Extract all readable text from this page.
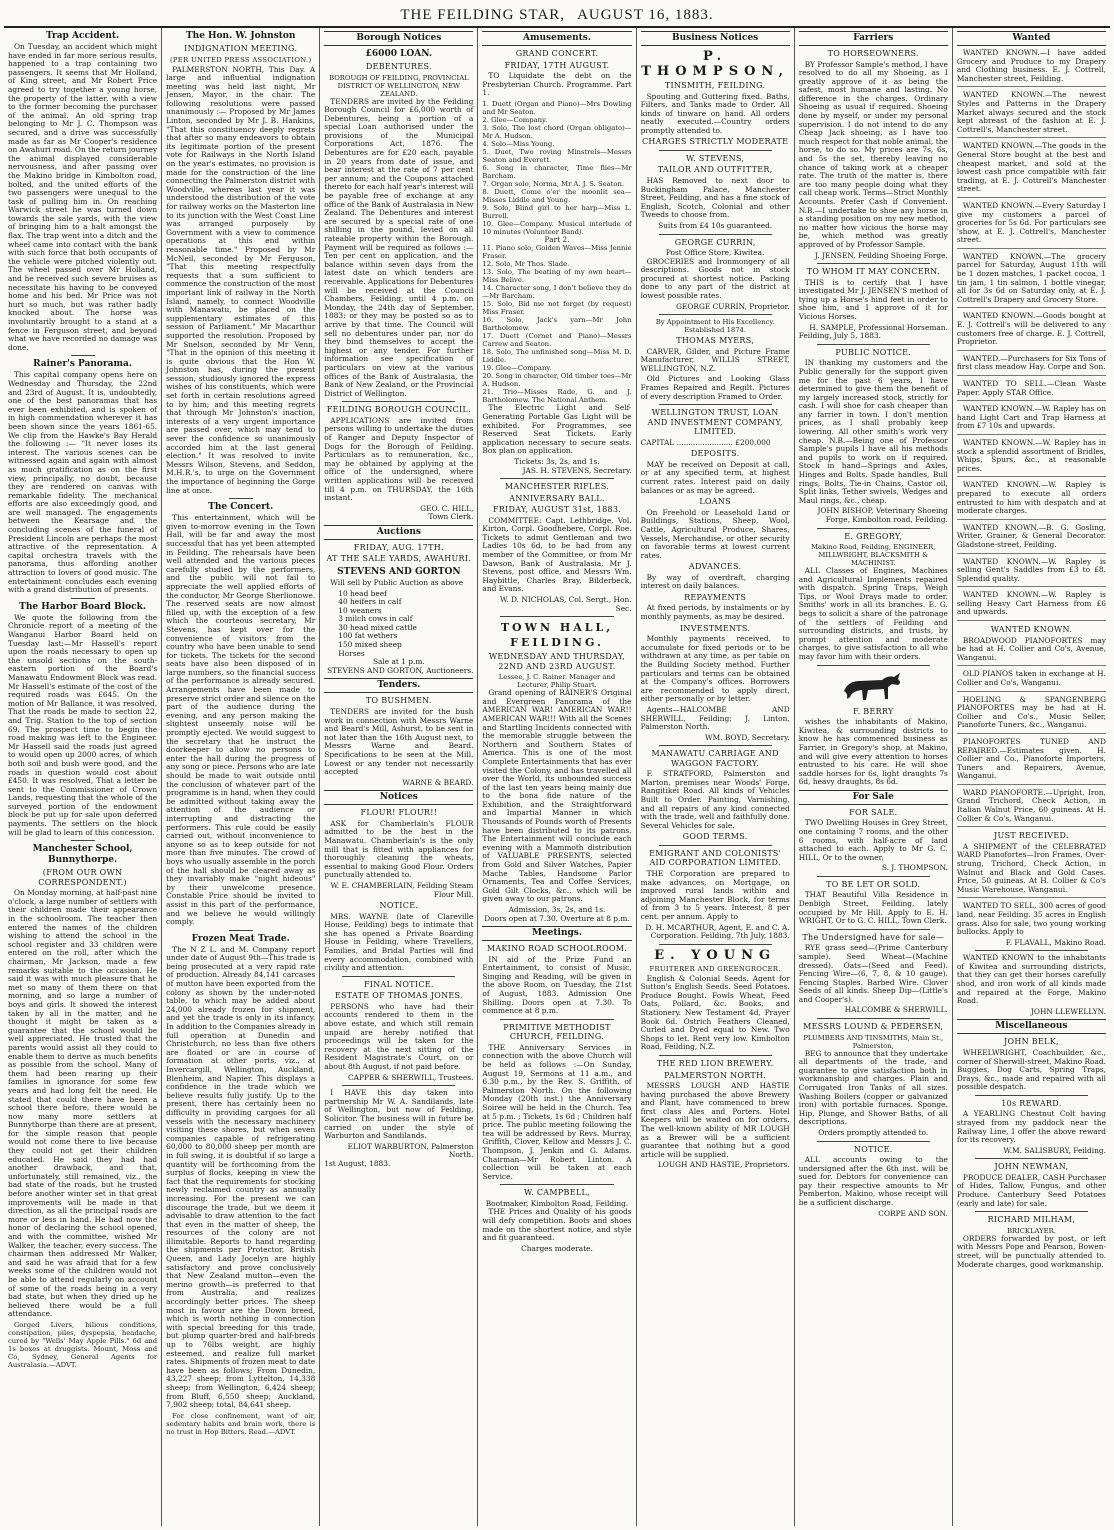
THE FEILDING STAR, AUGUST 16, 1883.
Trap Accident.

On Tuesday, an accident which might have ended in far more serious results, happened to a trap containing two passengers. It seems that Mr Holland, of King street, and Mr Robert Price agreed to try together a young horse, the property of the latter, with a view to the former becoming the purchaser of the animal. An old spring trap belonging to Mr J. C. Thompson was secured, and a drive was successfully made as far as Mr Cooper's residence on Awahuri road. On the return journey the animal displayed considerable nervousness, and after passing over the Makino bridge in Kimbolton road, bolted, and the united efforts of the two passengers were unequal to the task of pulling him in. On reaching Warwick street he was turned down towards the sale yards, with the view of bringing him to a halt amongst the flax. The trap went into a ditch and the wheel came into contact with the bank with such force that both occupants of the vehicle were pitched violently out. The wheel passed over Mr Holland, and he received such severe bruises as necessitate his having to be conveyed home and his bed. Mr Price was not hurt so much, but was rather badly knocked about. The horse was involuntarily brought to a stand at a fence in Ferguson street, and beyond what we have recorded no damage was done.

Rainer's Panorama.

This capital company opens here on Wednesday and Thursday, the 22nd and 23rd of August. It is, undoubtedly, one of the best panoramas that has ever been exhibited, and is spoken of in high commendation wherever it has been shown since the years 1861-65. We clip from the Hawke's Bay Herald the following :— "It never loses its interest. The various scenes can be witnessed again and again with almost as much gratification as on the first view, principally, no doubt, because they are rendered on canvas with remarkable fidelity. The mechanical efforts are also exceedingly good, and are well managed. The engagements between the Kearsage and the concluding scenes of the funeral of President Lincoln are perhaps the most attractive of the representation. A capital orchestra travels with the panorama, thus affording another attraction to lovers of good music. The entertainment concludes each evening with a grand distribution of presents.

The Harbor Board Block.

We quote the following from the Chronicle report of a meeting of the Wanganui Harbor Board held on Tuesday last:—Mr Hassell's report upon the roads necessary to open up the unsold sections on the south-eastern portion of the Board's Manawatu Endowment Block was read. Mr Hassell's estimate of the cost of the required roads was £645. On the motion of Mr Ballance, it was resolved, That the roads be made to section 22, and Trig. Station to the top of section 69. The prospect time to begin the road making was left to the Engineer. Mr Hassell said the roads just agreed to would open up 2000 acres, of which both soil and bush were good, and the roads in question would cost about £450. It was resolved, That a letter be sent to the Commissioner of Crown Lands, requesting that the whole of the surveyed portion of the endowment block be put up for sale upon deferred payments. The settlers on the block will be glad to learn of this concession.

Manchester School, Bunnythorpe.
(FROM OUR OWN CORRESPONDENT.)

On Monday morning, at half-past nine o'clock, a large number of settlers with their children made their appearance in the schoolroom. The teacher then entered the names of the children wishing to attend the school in the school register and 33 children were entered on the roll, after which the chairman, Mr Jackson, made a few remarks suitable to the occasion. He said it was with much pleasure that he met so many of them there on that morning, and so large a number of boys and girls. It showed the interest taken by all in the matter, and he thought it might be taken as a guarantee that the school would be well appreciated. He trusted that the parents would assist all they could to enable them to derive as much benefits as possible from the school. Many of them had been rearing up their families in ignorance for some few years and had long felt the need. He stated that could there have been a school there before, there would be now many more settlers at Bunnythorpe than there are at present, for the simple reason that people would not come there to live because they could not get their children educated. He said they had had another drawback, and that, unfortunately, still remained, viz., the bad state of the roads, but he trusted before another winter set in that great improvements will be made in that direction, as all the principal roads are more or less in hand. He had now the honor of declaring the school opened, and with the committee, wished Mr Walker, the teacher, every success. The chairman then addressed Mr Walker, and said he was afraid that for a few weeks some of the children would not be able to attend regularly on account of some of the roads being in a very bad state, but when they dried up he believed there would be a full attendance.

Gorged Livers, bilious conditions, constipation, piles, dyspepsia, headache, cured by "Wells' May Apple Pills." 6d and 1s boxes at druggists. Mount, Moss and Co, Sydney, General Agents for Australasia.—ADVT.

The Hon. W. Johnston
INDIGNATION MEETING.
(PER UNITED PRESS ASSOCIATION.)

PALMERSTON NORTH, This Day. A large and influential indignation meeting was held last night, Mr Jensen, Mayor, in the chair. The following resolutions were passed unanimously :— Proposed by Mr James Linton, seconded by Mr J. B. Hankins, "That this constituency deeply regrets that after so many endeavors to obtain its legitimate portion of the present vote for Railways in the North Island on the year's estimates, no provision is made for the construction of the line connecting the Palmerston district with Woodville, whereas last year it was understood the distribution of the vote for railway works on the Masterton line to its junction with the West Coast Line was arranged purposely by Government with a view to commence operations at this end within reasonable time." Proposed by Mr McNeil, seconded by Mr Ferguson, "That this meeting respectfully requests that a sum sufficient to commence the construction of the most important link of railway in the North Island, namely, to connect Woodville with Manawatu, be placed on the supplementary estimates of this session of Parliament." Mr Macarthur supported the resolution. Proposed by Mr Snelson, seconded by Mr Venn, "That in the opinion of this meeting it is quite obvious that the Hon W. Johnston has, during the present session, studiously ignored the express wishes of his constituents, which were set forth in certain resolutions agreed to by him; and this meeting regrets that through Mr Johnston's inaction, interests of a very urgent importance are passed over, which may tend to sever the confidence so unanimously accorded him at the last general election." It was resolved to invite Messrs Wilson, Stevens, and Seddon, M.H.R.'s, to urge on the Government the importance of beginning the Gorge line at once.

The Concert.

This entertainment, which will be given to-morrow evening in the Town Hall, will be far and away the most successful that has yet been attempted in Feilding. The rehearsals have been well attended and the various pieces carefully studied by the performers, and the public will not fail to appreciate the well applied efforts of the conductor, Mr George Sherlionowe. The reserved seats are now almost filled up, with the exception of a few which the courteous secretary, Mr Stevens, has kept over for the convenience of visitors from the country who have been unable to send for tickets. The tickets for the second seats have also been disposed of in large numbers, so the financial success of the performance is already secured. Arrangements have been made to preserve strict order and silence on the part of the audience during the evening, and any person making the slightest unseemly noise will be promptly ejected. We would suggest to the secretary that he instruct the doorkeeper to allow no persons to enter the hall during the progress of any song or piece. Persons who are late should be made to wait outside until the conclusion of whatever part of the programme is in hand, when they could be admitted without taking away the attention of the audience or interrupting and distracting the performers. This rule could be easily carried out, without inconvenience to anyone so as to keep outside for not more than five minutes. The crowd of boys who usually assemble in the porch of the hall should be cleared away as they invariably make "night hideous" by their unwelcome presence. Constable Price should be invited to assist in this part of the performance, and we believe he would willingly comply.

Frozen Meat Trade.

The N Z L. and M. Company report under date of August 9th—This trade is being prosecuted at a very rapid rate of production. Already 84,141 carcases of mutton have been exported from the colony as shown by the under-noted table, to which may be added about 24,000 already frozen for shipment, and yet the trade is only in its infancy. In addition to the Companies already in full operation at Dunedin and Christchurch, no less than five others are floated or are in course of formation at other ports, viz., at Invercargill, Wellington, Auckland, Blenheim, and Napier. This displays a confidence in the trade which we believe results fully justify. Up to the present, there has certainly been no difficulty in providing cargoes for all vessels with the necessary machinery visiting these shores, but when seven companies capable of refrigerating 60,000 to 80,000 sheep per month are in full swing, it is doubtful if so large a quantity will be forthcoming from the surplus of flocks, keeping in view the fact that the requirements for stocking newly reclaimed country as annually increasing. For the present we can discourage the trade, but we deem it advisable to draw attention to the fact that even in the matter of sheep, the resources of the colony are not illimitable. Reports to hand regarding the shipments per Protector, British Queen, and Lady Jocelyn are highly satisfactory and prove conclusively that New Zealand mutton—even the merino growth—is preferred to that from Australia, and realizes accordingly better prices. The sheep most in favour are the Down breed, which is worth nothing in connection with special breeding for this trade, but plump quarter-bred and half-breds up to 76lbs weight, are highly esteemed, and realize full market rates. Shipments of frozen meat to date have been as follows; From Dunedin, 43,227 sheep; from Lyttelton, 14,338 sheep; from Wellington, 6,424 sheep; from Bluff, 6,550 sheep; Auckland, 7,902 sheep; total, 84,641 sheep.

For close confinement, want of air, sedentary habits and brain work, there is no trust in Hop Bitters. Read.—ADVT.

Borough Notices
£6000 LOAN.
DEBENTURES.
BOROUGH OF FEILDING, PROVINCIAL DISTRICT OF WELLINGTON, NEW ZEALAND.

TENDERS are invited by the Feilding Borough Council for £6,000 worth of Debentures, being a portion of a special Loan authorised under the provisions of the Municipal Corporations Act, 1876. The Debentures are for £20 each, payable in 20 years from date of issue, and bear interest at the rate of 7 per cent per annum; and the Coupons attached thereto for each half year's interest will be payable free of exchange at any office of the Bank of Australasia in New Zealand. The Debentures and interest are secured by a special rate of one shilling in the pound, levied on all rateable property within the Borough. Payment will be required as follows :— Ten per cent on application, and the balance within seven days from the latest date on which tenders are receivable. Applications for Debentures will be received at the Council Chambers, Feilding, until 4 p.m. on Monday, the 24th day of September, 1883; or they may be posted so as to arrive by that time. The Council will sell no debentures under par, nor do they bind themselves to accept the highest or any tender. For further information see specification of particulars on view at the various offices of the Bank of Australasia, the Bank of New Zealand, or the Provincial District of Wellington.

FEILDING BOROUGH COUNCIL.

APPLICATIONS are invited from persons willing to undertake the duties of Ranger and Deputy Inspector of Dogs for the Borough of Feilding. Particulars as to remuneration, &c., may be obtained by applying at the office of the undersigned, where written applications will be received till 4 p.m. on THURSDAY, the 16th instant.

GEO. C. HILL,
Town Clerk.
Auctions
FRIDAY, AUG. 17TH.
AT THE SALE YARDS, AWAHURI.
STEVENS AND GORTON

Will sell by Public Auction as above

10 head beef
40 heifers in calf
10 weaners
3 milch cows in calf
30 head mixed cattle
100 fat wethers
150 mixed sheep
Horses
Sale at 1 p.m.
STEVENS AND GORTON, Auctioneers.
Tenders.
TO BUSHMEN.

TENDERS are invited for the bush work in connection with Messrs Warne and Beard's Mill, Ashurst, to be sent in not later than the 16th August next, to Messrs Warne and Beard. Specifications to be seen at the Mill. Lowest or any tender not necessarily accepted

WARNE & BEARD.
Notices
FLOUR! FLOUR!!

ASK for Chamberlain's FLOUR admitted to be the best in the Manawatu. Chamberlain's is the only mill that is fitted with appliances for thoroughly cleaning the wheats, essential to making Good Flour. Orders punctually attended to.

W. E. CHAMBERLAIN, Feilding Steam Flour Mill.
NOTICE.

MRS. WAYNE (late of Clareville House, Feilding) begs to intimate that she has opened a Private Boarding House in Feilding, where Travellers, Families, and Bridal Parties will find every accommodation, combined with civility and attention.

FINAL NOTICE.
ESTATE OF THOMAS JONES.

PERSONS who have had their accounts rendered to them in the above estate, and which still remain unpaid are hereby notified that proceedings will be taken for the recovery at the next sitting of the Resident Magistrate's Court, on or about 8th August, if not paid before.

CAPPER & SHERWILL, Trustees.

I HAVE this day taken into partnership Mr W. A. Sandilands, late of Wellington, but now of Feilding, Solicitor. The business will in future be carried on under the style of Warburton and Sandilands.

ELIOT WARBURTON, Palmerston North.
1st August, 1883.
Amusements.
GRAND CONCERT.
FRIDAY, 17TH AUGUST.

TO Liquidate the debt on the Presbyterian Church. Programme. Part 1.

1. Duett (Organ and Piano)—Mrs Dowling and Mr Seaton.
2. Glee—Company.
3. Solo, The lost chord (Organ obligato)—Mr A. Hudson.
4. Solo—Miss Young.
5. Duet, Two roving Minstrels—Messrs Seaton and Everett.
6. Song in character, Time flies—Mr Barcham.
7. Organ solo, Norma, Mr A. J. S. Seaton.
8. Duett, Come o'er the moonlit sea—Misses Liddle and Young.
9. Solo, Blind girl to her harp—Miss L. Burrell.
10. Glee—Company. Musical interlude of 10 minutes (Volunteer Band).
Part 2.
11. Piano solo, Golden Waves—Miss Jennie Fraser.
12. Solo, Mr Thos. Slade.
13. Solo, The beating of my own heart—Miss Belive.
14. Character song, I don't believe they do—Mr Barcham.
15. Solo, Bid me not forget (by request) Miss Fraser.
16. Solo, Jack's yarn—Mr John Bartholomew.
17. Duett (Cornet and Piano)—Messrs Carrew and Seaton.
18. Solo, The unfinished song—Miss M. D. Liddle.
19. Glee—Company.
20. Song in character, Old timber toes—Mr A. Hudson.
21. Trio—Misses Rade, G. and J. Bartholomew. The National Anthem.

The Electric Light and Self-Generating Portable Gas Light will be exhibited. For Programmes, see Reserved Seat Tickets. Early application necessary to secure seats. Box plan on application.

Tickets: 3s, 2s, and 1s.
JAS. H. STEVENS, Secretary.
MANCHESTER RIFLES.
ANNIVERSARY BALL.
FRIDAY, AUGUST 31st, 1883.

COMMITTEE: Capt. Lethbridge, Vol. Kirton, Corpl. Goodhebere, Corpl. Roe. Tickets to admit Gentleman and two Ladies 10s 6d, to be had from any member of the Committee, or from Mr Dawson, Bank of Australasia, Mr J. Stevens, post office, and Messrs Wm. Haybittle, Charles Bray, Bilderbeck, and Evans.

W. D. NICHOLAS, Col. Sergt., Hon. Sec.
TOWN HALL, FEILDING.
WEDNESDAY AND THURSDAY, 22ND AND 23RD AUGUST.
Lessee, J. C. Rainer. Manager and Lecturer, Philip Stuart.

Grand opening of RAINER'S Original and Evergreen Panorama of the AMERICAN WAR! AMERICAN WAR!! AMERICAN WAR!!! With all the Scenes and Startling Incidents connected with the memorable struggle between the Northern and Southern States of America. This is one of the most Complete Entertainments that has ever visited the Colony, and has travelled all over the World, its unbounded success of the last ten years being mainly due to the bona fide nature of the Exhibition, and the Straightforward and Impartial Manner in which Thousands of Pounds worth of Presents have been distributed to its patrons. The Entertainment will conclude each evening with a Mammoth distribution of VALUABLE PRESENTS, selected from Gold and Silver Watches, Papier Mache Tables, Handsome Parlor Ornaments, Tea and Coffee Services, Gold Gilt Clocks, &c., which will be given away to our patrons.

Admission, 3s, 2s, and 1s.
Doors open at 7.30. Overture at 8 p.m.
Meetings.
MAKINO ROAD SCHOOLROOM.

IN aid of the Prize Fund an Entertainment, to consist of Music, Singing and Reading, will be given in the above Room, on Tuesday, the 21st of August, 1883. Admission One Shilling. Doors open at 7.30. To commence at 8 p.m.

PRIMITIVE METHODIST CHURCH, FEILDING.

THE Anniversary Services in connection with the above Church will be held as follows :—On Sunday, August 19, Sermons at 11 a.m., and 6.30 p.m., by the Rev. S. Griffith, of Palmerston North. On the following Monday (20th inst.) the Anniversary Soiree will be held in the Church. Tea at 5 p.m. ; Tickets, 1s 6d ; Children half price. The public meeting following the tea will be addressed by Revs. Murray, Griffith, Clover, Kellow and Messrs J. C. Thompson, J. Jenkin and G. Adams. Chairman—Mr Robert Linton. A collection will be taken at each Service.

W. CAMPBELL,
Bootmaker, Kimbolton Road, Feilding.

THE Prices and Quality of his goods will defy competition. Boots and shoes made on the shortest notice, and style and fit guaranteed.

Charges moderate.
Business Notices
P. THOMPSON,
TINSMITH, FEILDING.

Spouting and Guttering fixed. Baths, Filters, and Tanks made to Order. All kinds of tinware on hand. All orders neatly executed.—Country orders promptly attended to.

CHARGES STRICTLY MODERATE
W. STEVENS,
TAILOR AND OUTFITTER,

HAS Removed to next door to Buckingham Palace, Manchester Street, Feilding, and has a fine stock of English, Scotch, Colonial and other Tweeds to choose from.

Suits from £4 10s guaranteed.
GEORGE CURRIN,
Post Office Store, Kiwitea.

GROCERIES and Ironmongery of all descriptions. Goods not in stock procured at shortest notice. Packing done to any part of the district at lowest possible rates.

GEORGE CURRIN, Proprietor.
By Appointment to His Excellency. Established 1874.
THOMAS MYERS,

CARVER, Gilder, and Picture Frame Manufacturer, WILLIS STREET, WELLINGTON, N.Z.

Old Pictures and Looking Glass Frames Repaired and Regilt. Pictures of every description Framed to Order.

WELLINGTON TRUST, LOAN AND INVESTMENT COMPANY, LIMITED.
CAPITAL ........................ £200,000
DEPOSITS.

MAY be received on Deposit at call, or at any specified term, at highest current rates. Interest paid on daily balances or as may be agreed.

LOANS

On Freehold or Leasehold Land or Buildings, Stations, Sheep, Wool, Cattle, Agricultural Produce, Shares, Vessels, Merchandise, or other security on favorable terms at lowest current rates.

ADVANCES.

By way of overdraft, charging interest on daily balances.

REPAYMENTS

At fixed periods, by instalments or by monthly payments, as may be desired.

INVESTMENTS.

Monthly payments received, to accumulate for fixed periods or to be withdrawn at any time, as per table on the Building Society method. Further particulars and terms can be obtained at the Company's offices. Borrowers are recommended to apply direct, either personally or by letter.

Agents—HALCOMBE AND SHERWILL, Feilding; J. Linton, Palmerston North.

WM. BOYD, Secretary.
MANAWATU CARRIAGE AND WAGGON FACTORY.

F. STRATFORD, Palmerston and Marton, premises near Woods' Forge, Rangitikei Road. All kinds of Vehicles Built to Order. Painting, Varnishing, and all repairs of any kind connected with the trade, well and faithfully done. Several Vehicles for sale.

GOOD TERMS.
EMIGRANT AND COLONISTS' AID CORPORATION LIMITED.

THE Corporation are prepared to make advances, on Mortgage, on improved rural lands within and adjoining Manchester Block, for terms of from 3 to 5 years. Interest, 8 per cent. per annum. Apply to

D. H. MCARTHUR, Agent, E. and C. A. Corporation. Feilding, 7th July, 1883.
E. YOUNG
FRUITERER AND GREENGROCER.

English & Colonial Seeds. Agent for Sutton's English Seeds. Seed Potatoes. Produce Bought. Fowls Wheat, Feed Oats, Pollard, &c. Books, and Stationery. New Testament 4d, Prayer Book 6d. Ostrich Feathers Cleaned, Curled and Dyed equal to New. Two Shops to let. Rent very low. Kimbolton Road, Feilding, N.Z.

THE RED LION BREWERY.
PALMERSTON NORTH.

MESSRS LOUGH AND HASTIE having purchased the above Brewery and Plant, have commenced to brew first class Ales and Porters. Hotel Keepers will be waited on for orders. The well-known ability of MR LOUGH as a Brewer will be a sufficient guarantee that nothing but a good article will be supplied.

LOUGH AND HASTIE, Proprietors.
Farriers
TO HORSEOWNERS.

BY Professor Sample's method, I have resolved to do all my Shoeing, as I greatly approve of it as being the safest, most humane and lasting. No difference in the charges. Ordinary Shoeing as usual if required. Shoeing done by myself, or under my personal supervision. I do not intend to do any Cheap Jack shoeing, as I have too much respect for that noble animal, the horse, to do so. My prices are 7s, 6s, and 5s the set, thereby leaving no chance of taking work at a cheaper rate. The truth of the matter is, there are too many people doing what they call cheap work. Terms—Strict Monthly Accounts. Prefer Cash if Convenient. N.B.—I undertake to shoe any horse in a standing position on my new method, no matter how vicious the horse may be, which method was greatly approved of by Professor Sample.

J. JENSEN, Feilding Shoeing Forge.
TO WHOM IT MAY CONCERN.

THIS is to certify that I have investigated Mr J. JENSEN'S method of tying up a Horse's hind feet in order to shoe him, and I approve of it for Vicious Horses.

H. SAMPLE, Professional Horseman.
Feilding, July 5, 1883.
PUBLIC NOTICE.

IN thanking my customers and the Public generally for the support given me for the past 6 years, I have determined to give them the benefit of my largely increased stock, strictly for cash. I will shoe for cash cheaper than any farrier in town. I don't mention prices, as I shall probably keep lowering. All other smith's work very cheap. N.B.—Being one of Professor Sample's pupils I have all his methods and pupils to work on if required. Stock in hand—Springs and Axles, Hinges and Bolts, Spade handles, Bull rings, Bolts, Tie-in Chains, Castor oil, Split links, Tether swivels, Wedges and Maul rings, &c., cheap.

JOHN BISHOP, Veterinary Shoeing Forge, Kimbolton road, Feilding.
E. GREGORY,
Makino Road, Feilding, ENGINEER, MILLWRIGHT, BLACKSMITH & MACHINIST.

ALL Classes of Engines, Machines and Agricultural Implements repaired with dispatch. Spring Traps, Weigh Tips, or Wool Drays made to order. Smiths' work in all its branches. E. G. begs to solicit a share of the patronage of the settlers of Feilding and surrounding districts, and trusts, by prompt attention and moderate charges, to give satisfaction to all who may favor him with their orders.

F. BERRY

wishes the inhabitants of Makino, Kiwitea, & surrounding districts to know he has commenced business as Farrier, in Gregory's shop, at Makino, and will give every attention to horses entrusted to his care. He will shoe saddle horses for 6s, light draughts 7s 6d, heavy draughts, 8s 6d.

For Sale
FOR SALE.

TWO Dwelling Houses in Grey Street, one containing 7 rooms, and the other 6 rooms, with half-acre of land attached to each. Apply to Mr G. C. HILL, Or to the owner,

S. J. THOMPSON.
TO BE LET OR SOLD.

THAT Beautiful Villa Residence in Denbigh Street, Feilding, lately occupied by Mr Hill. Apply to E. H. WRIGHT, Or to G. C. HILL, Town Clerk.

The Undersigned have for sale—

RYE grass seed—(Prime Canterbury sample). Seed Wheat—(Machine dressed). Oats—(Seed and Feed). Fencing Wire—(6, 7, 8, & 10 gauge). Fencing Staples. Barbed Wire. Clover Seeds of all kinds. Sheep Dip—(Little's and Cooper's).

HALCOMBE & SHERWILL.
MESSRS LOUND & PEDERSEN,
PLUMBERS AND TINSMITHS, Main St., Palmerston,

BEG to announce that they undertake all departments of the trade, and guarantee to give satisfaction both in workmanship and charges. Plain and Corrugated Iron Tanks of all sizes. Washing Boilers (copper or galvanized iron) with portable furnaces. Sponge, Hip, Plunge, and Shower Baths, of all descriptions.

Orders promptly attended to.
NOTICE.

ALL accounts owing to the undersigned after the 6th inst. will be sued for. Debtors for convenience can pay their respective amounts to Mr Pemberton, Makino, whose receipt will be a sufficient discharge.

CORPE AND SON.
Wanted

WANTED KNOWN.—I have added Grocery and Produce to my Drapery and Clothing business. E. J. Cottrell, Manchester street, Feilding.

WANTED KNOWN.—The newest Styles and Patterns in the Drapery Market always secured and the stock kept abreast of the fashion at E. J. Cottrell's, Manchester street.

WANTED KNOWN.—The goods in the General Store bought at the best and cheapest market, and sold at the lowest cash price compatible with fair trading, at E. J. Cottrell's Manchester street.

WANTED KNOWN.—Every Saturday I give my customers a parcel of groceries for 5s 6d. For particulars see 'show, at E. J. Cottrell's, Manchester street.

WANTED KNOWN.—The grocery parcel for Saturday, August 11th will be 1 dozen matches, 1 packet cocoa, 1 tin jam, 1 tin salmon, 1 bottle vinegar, all for 3s 6d on Saturday only, at E. J. Cottrell's Drapery and Grocery Store.

WANTED KNOWN.—Goods bought at E. J. Cottrell's will be delivered to any customers free of charge. E. J. Cottrell, Proprietor.

WANTED.—Purchasers for Six Tons of first class meadow Hay. Corpe and Son.

WANTED TO SELL.—Clean Waste Paper. Apply STAR Office.

WANTED KNOWN.—W. Rapley has on hand Light Cart and Trap Harness at from £7 10s and upwards.

WANTED KNOWN.—W. Rapley has in stock a splendid assortment of Bridles, Whips, Spurs, &c., at reasonable prices.

WANTED KNOWN.—W. Rapley is prepared to execute all orders entrusted to him with despatch and at moderate charges.

WANTED KNOWN.—B. G. Gosling, Writer, Grainer, & General Decorator. Gladstone-street, Feilding.

WANTED KNOWN.—W. Rapley is selling Gent's Saddles from £3 to £8. Splendid quality.

WANTED KNOWN.—W. Rapley is selling Heavy Cart Harness from £6 and upwards.

WANTED KNOWN.

BROADWOOD PIANOFORTES may be had at H. Collier and Co's, Avenue, Wanganui.

OLD PIANOS taken in exchange at H. Collier and Co's, Wanganui.

HOELING & SPANGENBERG PIANOFORTES may be had at H. Collier and Co's., Music Seller, Pianoforte Tuners, &c., Wanganui.

PIANOFORTES TUNED AND REPAIRED.—Estimates given. H. Collier and Co., Pianoforte Importers, Tuners and Repairers, Avenue, Wanganui.

WARD PIANOFORTE.—Upright, Iron, Grand Trichord, Check Action, in Italian Walnut Price, 60 guineas. At H. Collier & Co's, Wanganui.

JUST RECEIVED.

A SHIPMENT of the CELEBRATED WARD Pianofortes—Iron Frames, Over-strung, Trichord, Check Action, in Walnut and Black and Gold Cases. Price, 50 guineas. At H. Collier & Co's Music Warehouse, Wanganui.

WANTED TO SELL, 300 acres of good land, near Feilding. 35 acres in English grass. Also for sale, two young working bullocks. Apply to

F. FLAVALL, Makino Road.

WANTED KNOWN to the inhabitants of Kiwitea and surrounding districts, that they can get their horses carefully shod, and iron work of all kinds made and repaired at the Forge, Makino Road.

JOHN LLEWELLYN.
Miscellaneous
JOHN BELK,

WHEELWRIGHT, Coachbuilder, &c., corner of Sherwill-street, Makino Road. Buggies, Dog Carts, Spring Traps, Drays, &c., made and repaired with all possible despatch.

10s REWARD.

A YEARLING Chestnut Colt having strayed from my paddock near the Railway Line, I offer the above reward for its recovery.

W.M. SALISBURY, Feilding.
JOHN NEWMAN,

PRODUCE DEALER, CASH Purchaser of Hides, Tallow, Fungus, and other Produce. Canterbury Seed Potatoes (early and late) for sale.

RICHARD MILHAM,
BRICKLAYER.

ORDERS forwarded by post, or left with Messrs Pope and Pearson, Bowen-street, will be punctually attended to. Moderate charges, good workmanship.
